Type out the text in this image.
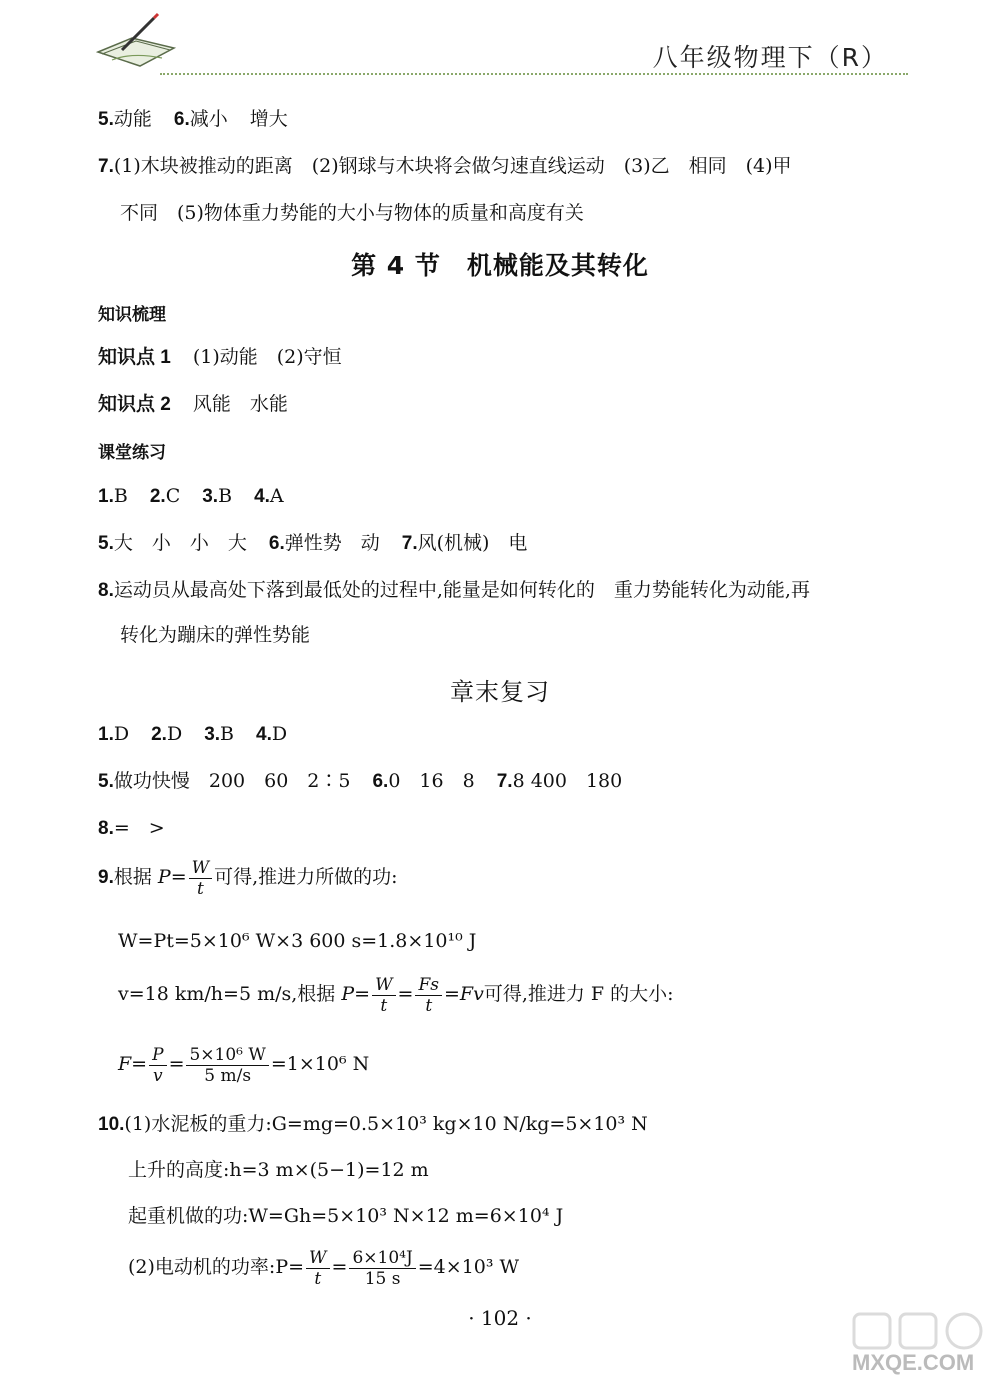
八年级物理下（R）
5.动能 6.减小 增大
7.(1)木块被推动的距离　(2)钢球与木块将会做匀速直线运动　(3)乙　相同　(4)甲
不同　(5)物体重力势能的大小与物体的质量和高度有关
第 4 节　机械能及其转化
知识梳理
知识点 1 (1)动能　(2)守恒
知识点 2 风能　水能
课堂练习
1.B 2.C 3.B 4.A
5.大　小　小　大 6.弹性势　动 7.风(机械)　电
8.运动员从最高处下落到最低处的过程中,能量是如何转化的　重力势能转化为动能,再
转化为蹦床的弹性势能
章末复习
1.D 2.D 3.B 4.D
5.做功快慢　200　60　2∶5 6.0　16　8 7.8 400　180
8.=　>
9.根据 $P= \frac{W}{t}$ 可得,推进力所做的功:
W=Pt=5×10⁶ W×3 600 s=1.8×10¹⁰ J
v=18 km/h=5 m/s,根据 $P= \frac{W}{t} = \frac{Fs}{t} =Fv$可得,推进力 F 的大小:
$F= \frac{P}{v} = \frac{\text{5×10⁶ W}}{5 m/s} =1\times 10^6$ N
10.(1)水泥板的重力:G=mg=0.5×10³ kg×10 N/kg=5×10³ N
上升的高度:h=3 m×(5−1)=12 m
起重机做的功:W=Gh=5×10³ N×12 m=6×10⁴ J
(2)电动机的功率:P= $\frac{W}{t} = \frac{\text{6×10⁴J}}{15 s} =4\times 10^3$ W
· 102 ·
MXQE.COM
